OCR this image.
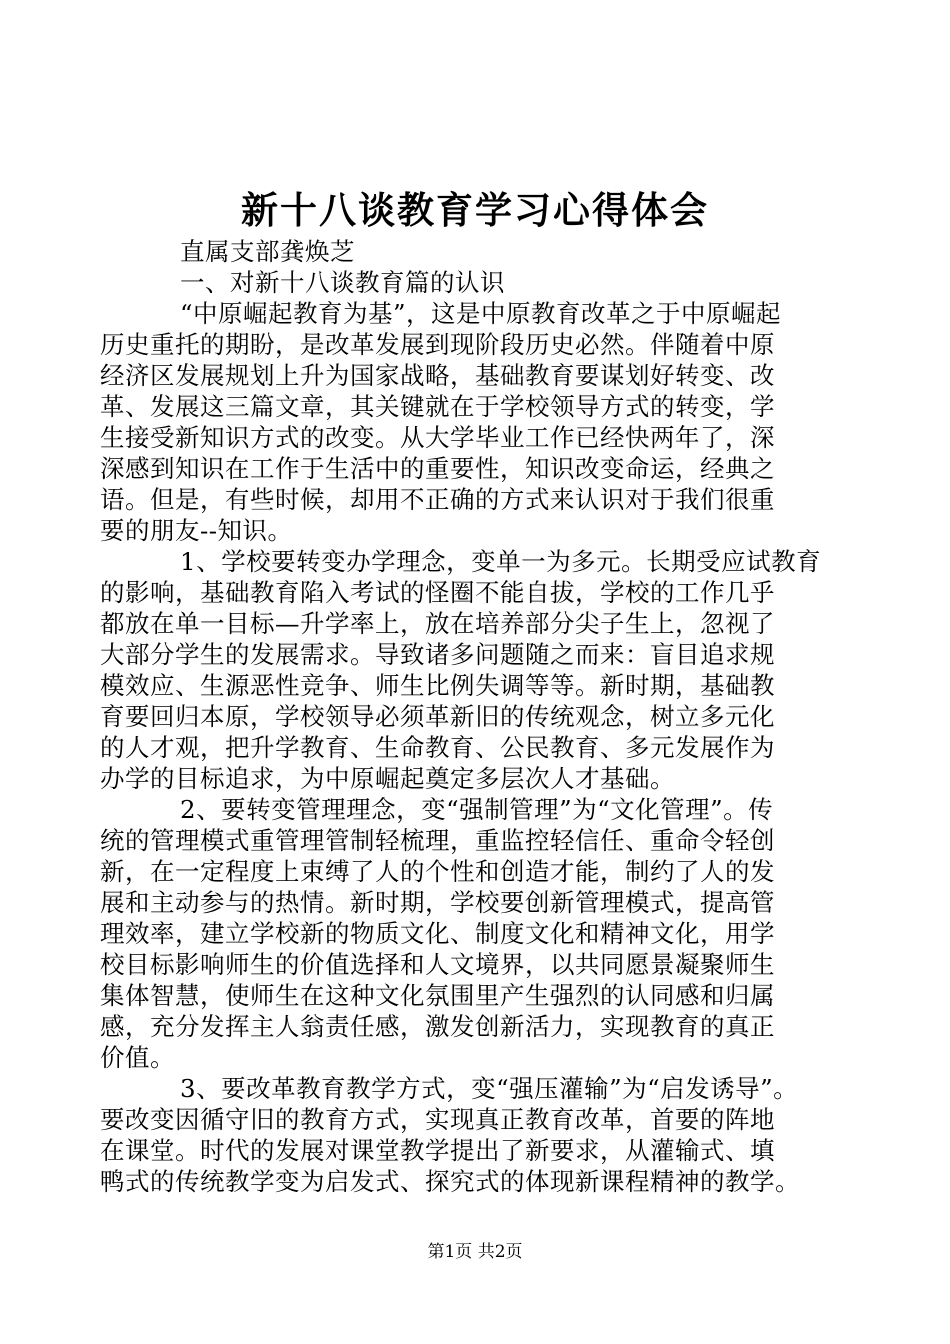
新十八谈教育学习心得体会
直属支部龚焕芝
一、对新十八谈教育篇的认识
“中原崛起教育为基”，这是中原教育改革之于中原崛起
历史重托的期盼，是改革发展到现阶段历史必然。伴随着中原
经济区发展规划上升为国家战略，基础教育要谋划好转变、改
革、发展这三篇文章，其关键就在于学校领导方式的转变，学
生接受新知识方式的改变。从大学毕业工作已经快两年了，深
深感到知识在工作于生活中的重要性，知识改变命运，经典之
语。但是，有些时候，却用不正确的方式来认识对于我们很重
要的朋友--知识。
1、学校要转变办学理念，变单一为多元。长期受应试教育
的影响，基础教育陷入考试的怪圈不能自拔，学校的工作几乎
都放在单一目标—升学率上，放在培养部分尖子生上，忽视了
大部分学生的发展需求。导致诸多问题随之而来：盲目追求规
模效应、生源恶性竞争、师生比例失调等等。新时期，基础教
育要回归本原，学校领导必须革新旧的传统观念，树立多元化
的人才观，把升学教育、生命教育、公民教育、多元发展作为
办学的目标追求，为中原崛起奠定多层次人才基础。
2、要转变管理理念，变“强制管理”为“文化管理”。传
统的管理模式重管理管制轻梳理，重监控轻信任、重命令轻创
新，在一定程度上束缚了人的个性和创造才能，制约了人的发
展和主动参与的热情。新时期，学校要创新管理模式，提高管
理效率，建立学校新的物质文化、制度文化和精神文化，用学
校目标影响师生的价值选择和人文境界，以共同愿景凝聚师生
集体智慧，使师生在这种文化氛围里产生强烈的认同感和归属
感，充分发挥主人翁责任感，激发创新活力，实现教育的真正
价值。
3、要改革教育教学方式，变“强压灌输”为“启发诱导”。
要改变因循守旧的教育方式，实现真正教育改革，首要的阵地
在课堂。时代的发展对课堂教学提出了新要求，从灌输式、填
鸭式的传统教学变为启发式、探究式的体现新课程精神的教学。
第1页 共2页
